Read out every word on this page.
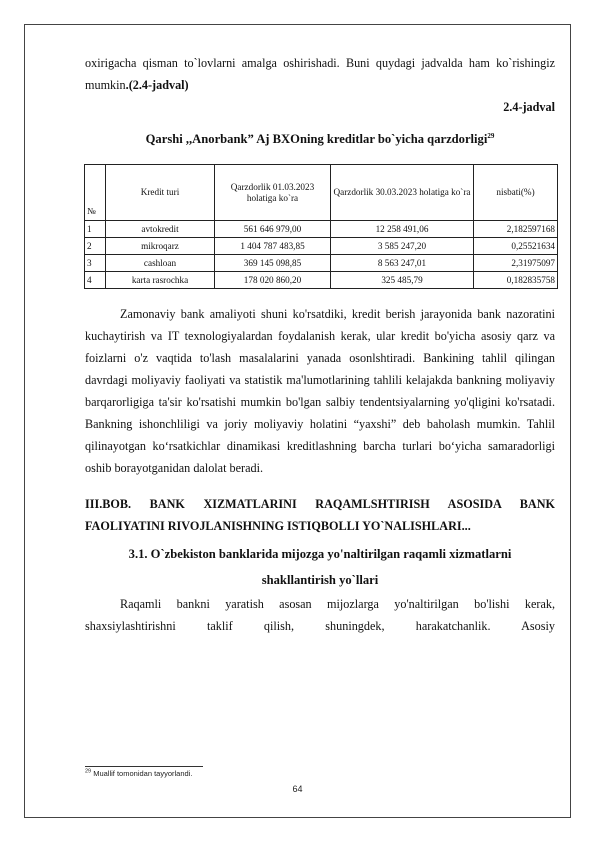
oxirigacha qisman to`lovlarni amalga oshirishadi. Buni quydagi jadvalda ham ko`rishingiz mumkin.(2.4-jadval)

2.4-jadval

Qarshi ,,Anorbank” Aj BXOning kreditlar bo`yicha qarzdorligi$^{29}$

№	Kredit turi	Qarzdorlik 01.03.2023 holatiga ko`ra	Qarzdorlik 30.03.2023 holatiga ko`ra	nisbati(%)
1	avtokredit	561 646 979,00	12 258 491,06	2,182597168
2	mikroqarz	1 404 787 483,85	3 585 247,20	0,25521634
3	cashloan	369 145 098,85	8 563 247,01	2,31975097
4	karta rasrochka	178 020 860,20	325 485,79	0,182835758

Zamonaviy bank amaliyoti shuni ko'rsatdiki, kredit berish jarayonida bank nazoratini kuchaytirish va IT texnologiyalardan foydalanish kerak, ular kredit bo'yicha asosiy qarz va foizlarni o'z vaqtida to'lash masalalarini yanada osonlshtiradi. Bankining tahlil qilingan davrdagi moliyaviy faoliyati va statistik ma'lumotlarining tahlili kelajakda bankning moliyaviy barqarorligiga ta'sir ko'rsatishi mumkin bo'lgan salbiy tendentsiyalarning yo'qligini ko'rsatadi. Bankning ishonchliligi va joriy moliyaviy holatini “yaxshi” deb baholash mumkin. Tahlil qilinayotgan ko‘rsatkichlar dinamikasi kreditlashning barcha turlari bo‘yicha samaradorligi oshib borayotganidan dalolat beradi.

III.BOB. BANK XIZMATLARINI RAQAMLSHTIRISH ASOSIDA BANK
FAOLIYATINI RIVOJLANISHNING ISTIQBOLLI YO`NALISHLARI...

3.1. O`zbekiston banklarida mijozga yo'naltirilgan raqamli xizmatlarni
shakllantirish yo`llari

Raqamli bankni yaratish asosan mijozlarga yo'naltirilgan bo'lishi kerak, shaxsiylashtirishni taklif qilish, shuningdek, harakatchanlik. Asosiy

$^{29}$ Muallif tomonidan tayyorlandi.
64
